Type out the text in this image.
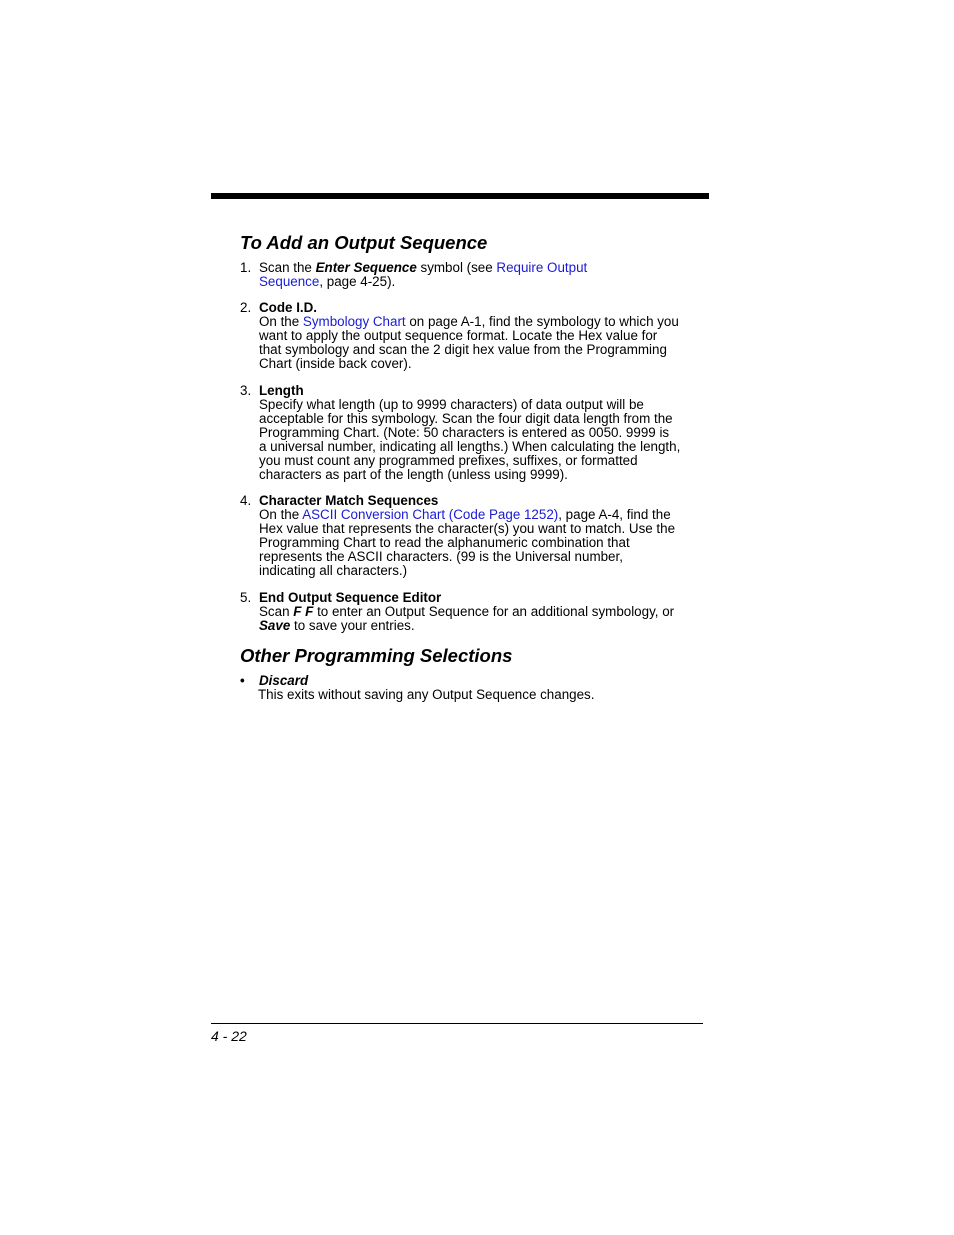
To Add an Output Sequence
1. Scan the Enter Sequence symbol (see Require Output
Sequence, page 4-25).
2. Code I.D.
On the Symbology Chart on page A-1, find the symbology to which you
want to apply the output sequence format. Locate the Hex value for
that symbology and scan the 2 digit hex value from the Programming
Chart (inside back cover).
3. Length
Specify what length (up to 9999 characters) of data output will be
acceptable for this symbology. Scan the four digit data length from the
Programming Chart. (Note: 50 characters is entered as 0050. 9999 is
a universal number, indicating all lengths.) When calculating the length,
you must count any programmed prefixes, suffixes, or formatted
characters as part of the length (unless using 9999).
4. Character Match Sequences
On the ASCII Conversion Chart (Code Page 1252), page A-4, find the
Hex value that represents the character(s) you want to match. Use the
Programming Chart to read the alphanumeric combination that
represents the ASCII characters. (99 is the Universal number,
indicating all characters.)
5. End Output Sequence Editor
Scan F F to enter an Output Sequence for an additional symbology, or
Save to save your entries.
Other Programming Selections
• Discard
This exits without saving any Output Sequence changes.
4 - 22
